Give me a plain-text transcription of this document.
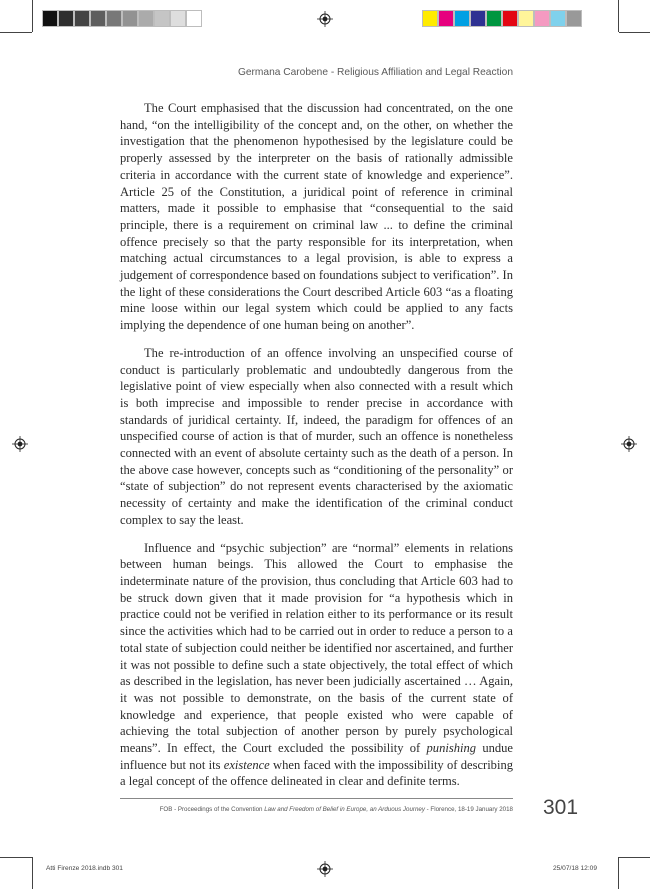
Germana Carobene - Religious Affiliation and Legal Reaction

The Court emphasised that the discussion had concentrated, on the one hand, “on the intelligibility of the concept and, on the other, on whether the investigation that the phenomenon hypothesised by the legislature could be properly assessed by the interpreter on the basis of rationally admissible criteria in accordance with the current state of knowledge and experience”. Article 25 of the Constitution, a juridical point of reference in criminal matters, made it possible to emphasise that “consequential to the said principle, there is a requirement on criminal law ... to define the criminal offence precisely so that the party responsible for its interpretation, when matching actual circumstances to a legal provision, is able to express a judgement of correspondence based on foundations subject to verification”. In the light of these considerations the Court described Article 603 “as a floating mine loose within our legal system which could be applied to any facts implying the dependence of one human being on another”.

The re-introduction of an offence involving an unspecified course of conduct is particularly problematic and undoubtedly dangerous from the legislative point of view especially when also connected with a result which is both imprecise and impossible to render precise in accordance with standards of juridical certainty. If, indeed, the paradigm for offences of an unspecified course of action is that of murder, such an offence is nonetheless connected with an event of absolute certainty such as the death of a person. In the above case however, concepts such as “conditioning of the personality” or “state of subjection” do not represent events characterised by the axiomatic necessity of certainty and make the identification of the criminal conduct complex to say the least.

Influence and “psychic subjection” are “normal” elements in relations between human beings. This allowed the Court to emphasise the indeterminate nature of the provision, thus concluding that Article 603 had to be struck down given that it made provision for “a hypothesis which in practice could not be verified in relation either to its performance or its result since the activities which had to be carried out in order to reduce a person to a total state of subjection could neither be identified nor ascertained, and further it was not possible to define such a state objectively, the total effect of which as described in the legislation, has never been judicially ascertained … Again, it was not possible to demonstrate, on the basis of the current state of knowledge and experience, that people existed who were capable of achieving the total subjection of another person by purely psychological means”. In effect, the Court excluded the possibility of punishing undue influence but not its existence when faced with the impossibility of describing a legal concept of the offence delineated in clear and definite terms.

FOB - Proceedings of the Convention Law and Freedom of Belief in Europe, an Arduous Journey - Florence, 18-19 January 2018 301
Atti Firenze 2018.indb 301	25/07/18 12:09
